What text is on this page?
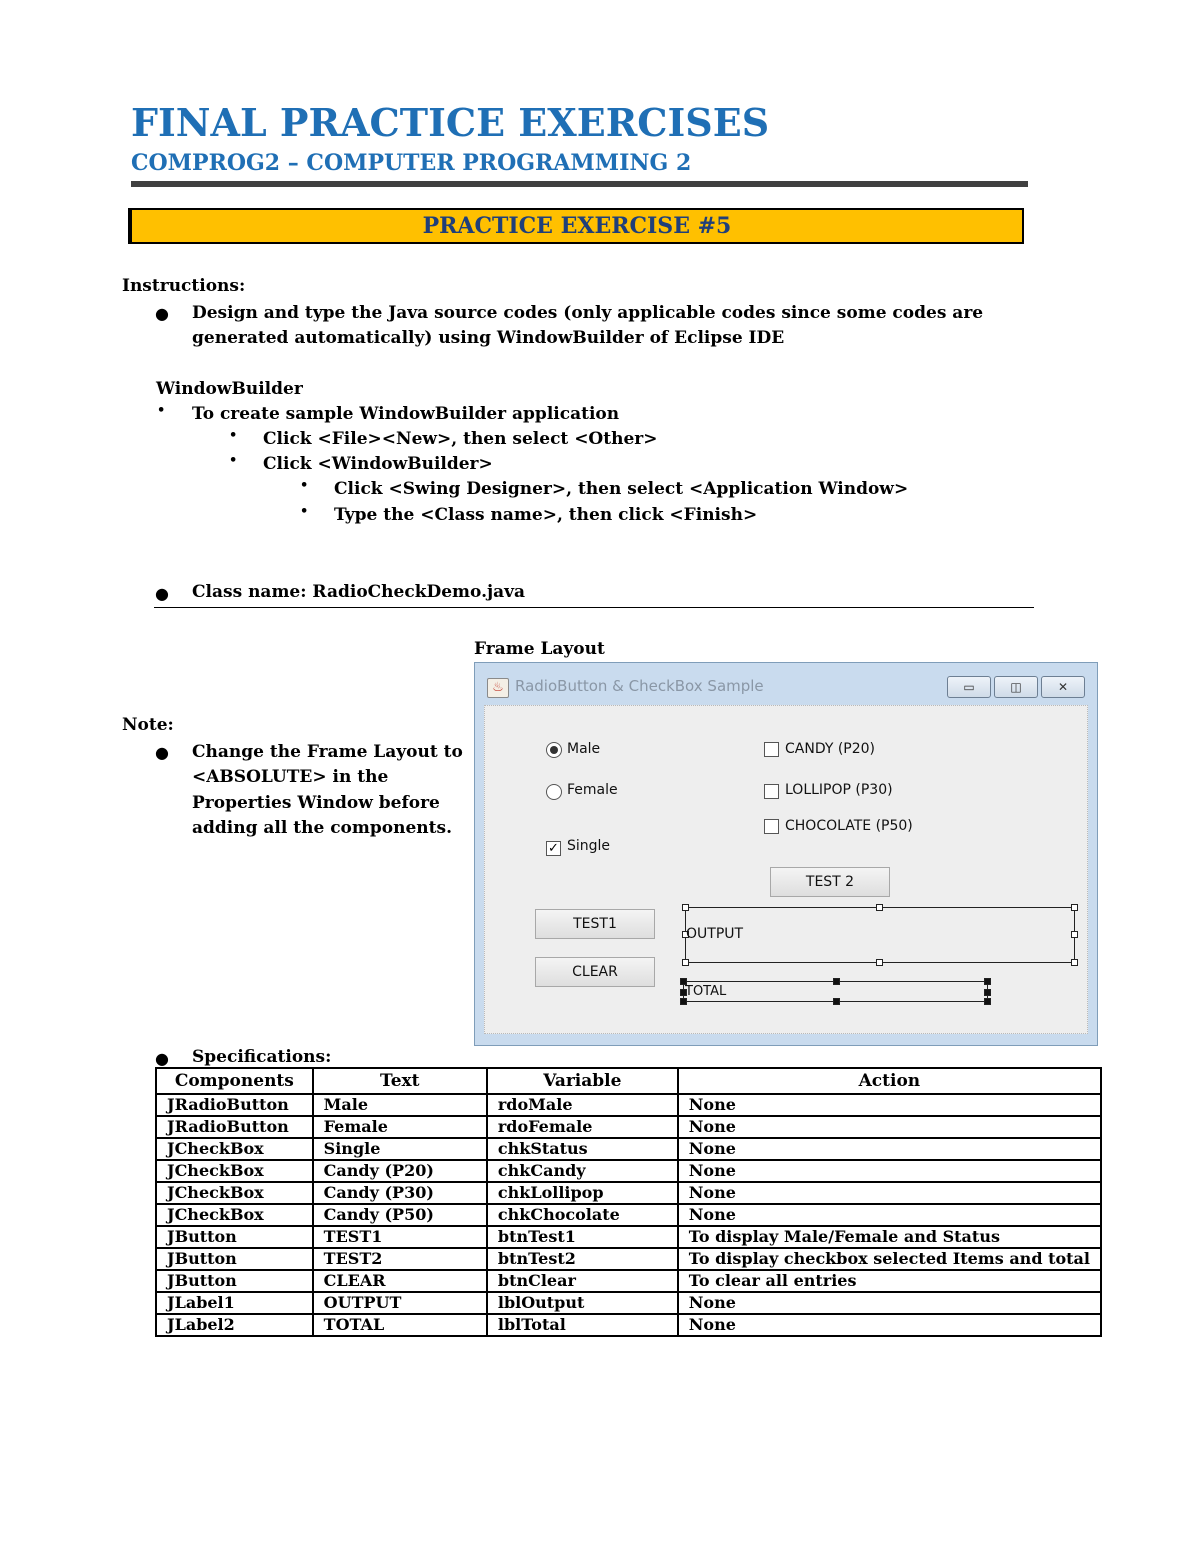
FINAL PRACTICE EXERCISES
COMPROG2 – COMPUTER PROGRAMMING 2
PRACTICE EXERCISE #5
Instructions:
● Design and type the Java source codes (only applicable codes since some codes are
generated automatically) using WindowBuilder of Eclipse IDE
WindowBuilder
• To create sample WindowBuilder application
• Click <File><New>, then select <Other>
• Click <WindowBuilder>
• Click <Swing Designer>, then select <Application Window>
• Type the <Class name>, then click <Finish>
● Class name: RadioCheckDemo.java
Frame Layout
Note:
● Change the Frame Layout to
<ABSOLUTE> in the
Properties Window before
adding all the components.
♨ RadioButton & CheckBox Sample	▭	◫	✕
Male
Female
✓ Single
CANDY (P20)
LOLLIPOP (P30)
CHOCOLATE (P50)
TEST 2
TEST1
CLEAR
OUTPUT
TOTAL
● Specifications:
Components	Text	Variable	Action
JRadioButton	Male	rdoMale	None
JRadioButton	Female	rdoFemale	None
JCheckBox	Single	chkStatus	None
JCheckBox	Candy (P20)	chkCandy	None
JCheckBox	Candy (P30)	chkLollipop	None
JCheckBox	Candy (P50)	chkChocolate	None
JButton	TEST1	btnTest1	To display Male/Female and Status
JButton	TEST2	btnTest2	To display checkbox selected Items and total
JButton	CLEAR	btnClear	To clear all entries
JLabel1	OUTPUT	lblOutput	None
JLabel2	TOTAL	lblTotal	None
